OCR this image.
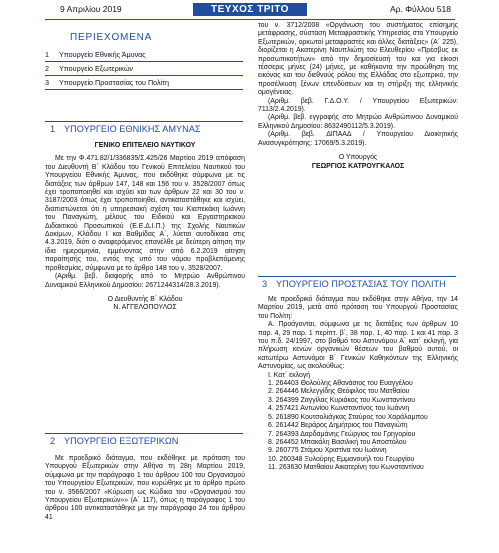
9 Απριλίου 2019	ΤΕΥΧΟΣ ΤΡΙΤΟ	Αρ. Φύλλου 518
ΠΕΡΙΕΧΟΜΕΝΑ
1	Υπουργείο Εθνικής Άμυνας
2	Υπουργείο Εξωτερικών
3	Υπουργείο Προστασίας του Πολίτη
1 ΥΠΟΥΡΓΕΙΟ ΕΘΝΙΚΗΣ ΑΜΥΝΑΣ

ΓΕΝΙΚΟ ΕΠΙΤΕΛΕΙΟ ΝΑΥΤΙΚΟΥ

Με την Φ.471.82/1/336835/Σ.425/26 Μαρτίου 2019 απόφαση του Διευθυντή Β΄ Κλάδου του Γενικού Επιτελείου Ναυτικού του Υπουργείου Εθνικής Άμυνας, που εκδόθηκε σύμφωνα με τις διατάξεις των άρθρων 147, 148 και 156 του ν. 3528/2007 όπως έχει τροποποιηθεί και ισχύει και των άρθρων 22 και 30 του ν. 3187/2003 όπως έχει τροποποιηθεί, αντικαταστάθηκε και ισχύει, διαπιστώνεται ότι η υπηρεσιακή σχέση του Κιαπεκάκη Ιωάννη του Παναγιώτη, μέλους του Ειδικού και Εργαστηριακού Διδακτικού Προσωπικού (Ε.Ε.Δ.Ι.Π.) της Σχολής Ναυτικών Δοκίμων, Κλάδου Ι και Βαθμίδας Α΄, λύεται αυτοδίκαια στις 4.3.2019, διότι ο αναφερόμενος επανέλθε με δεύτερη αίτηση την ίδια ημερομηνία, εμμένοντας στην από 6.2.2019 αίτηση παραίτησής του, εντός της υπό του νόμου προβλεπόμενης προθεσμίας, σύμφωνα με το άρθρο 148 του ν. 3528/2007.

(Αριθμ. βεβ. διαφορής από το Μητρώο Ανθρώπινου Δυναμικού Ελληνικού Δημοσίου: 2671244314/28.3.2019).

Ο Διευθυντής Β΄ Κλάδου

Ν. ΑΓΓΕΛΟΠΟΥΛΟΣ

2 ΥΠΟΥΡΓΕΙΟ ΕΞΩΤΕΡΙΚΩΝ

Με προεδρικό διάταγμα, που εκδόθηκε με πρόταση του Υπουργού Εξωτερικών στην Αθήνα τη 28η Μαρτίου 2019, σύμφωνα με την παράγραφο 1 του άρθρου 100 του Οργανισμού του Υπουργείου Εξωτερικών, που κυρώθηκε με το άρθρο πρώτο του ν. 3566/2007 «Κύρωση ως Κώδικα του «Οργανισμού του Υπουργείου Εξωτερικών»» (Α΄ 117), όπως η παράγραφος 1 του άρθρου 100 αντικαταστάθηκε με την παράγραφο 24 του άρθρου 41

του ν. 3712/2008 «Οργάνωση του συστήματος επίσημης μετάφρασης, σύσταση Μεταφραστικής Υπηρεσίας στο Υπουργείο Εξωτερικών, ορκωτοί μεταφραστές και άλλες διατάξεις» (Α΄ 225), διορίζεται η Ακατερίνη Ναυπλιώτη του Ελευθερίου «Πρέσβυς εκ προσωπικοτήτων» από την δημοσίευσή του και για είκοσι τέσσερις μήνες (24) μήνες, με καθήκοντα την προώθηση της εικόνας και του διεθνούς ρόλου της Ελλάδας στο εξωτερικό, την προσέλκυση ξένων επενδύσεων και τη στήριξη της ελληνικής ομογένειας.

(Αριθμ. βεβ. Γ.Δ.Ο.Υ. / Υπουργείου Εξωτερικών: 7113/2.4.2019).

(Αριθμ. βεβ. εγγραφής στο Μητρώο Ανθρώπινου Δυναμικού Ελληνικού Δημοσίου: 8632490112/5.3.2019).

(Αριθμ. βεβ. ΔΙΠΑΑΔ / Υπουργείου Διοικητικής Ανασυγκρότησης: 17069/5.3.2019).

Ο Υπουργός

ΓΕΩΡΓΙΟΣ ΚΑΤΡΟΥΓΚΑΛΟΣ

3 ΥΠΟΥΡΓΕΙΟ ΠΡΟΣΤΑΣΙΑΣ ΤΟΥ ΠΟΛΙΤΗ

Με προεδρικό διάταγμα που εκδόθηκε στην Αθήνα, την 14 Μαρτίου 2019, μετά από πρόταση του Υπουργού Προστασίας του Πολίτη:

Α. Προάγονται, σύμφωνα με τις διατάξεις των άρθρων 10 παρ. 4, 29 παρ. 1 περίπτ. β΄, 38 παρ. 1, 40 παρ. 1 και 41 παρ. 3 του π.δ. 24/1997, στο βαθμό του Αστυνόμου Α΄ κατ΄ εκλογή, για πλήρωση κενών οργανικών θέσεων του βαθμού αυτού, οι κατωτέρω Αστυνόμοι Β΄ Γενικών Καθηκόντων της Ελληνικής Αστυνομίας, ως ακολούθως:

Ι. Κατ΄ εκλογή

1. 264403 Θολούλης Αθανάσιος του Ευαγγέλου

2. 264446 Μελεγγίδης Θεόφιλος του Ματθαίου

3. 264399 Ζαγγίλας Κυριάκος του Κωνσταντίνου

4. 257421 Αντωνίου Κωνσταντίνος του Ιωάννη

5. 261890 Κουτσολιάγκας Σταύρος του Χαράλαμπου

6. 261442 Βεράρος Δημήτριος του Παναγιώτη

7. 264393 Δαρδαμάνης Γεώργιος του Γρηγορίου

8. 264452 Μπακάλη Βασιλική του Αποστόλου

9. 260775 Στάμου Χριστίνα του Ιωάννη

10. 260348 Ξυλούρης Εμμανουήλ του Γεωργίου

11. 263630 Ματθαίου Αικατερίνη του Κωνσταντίνου
